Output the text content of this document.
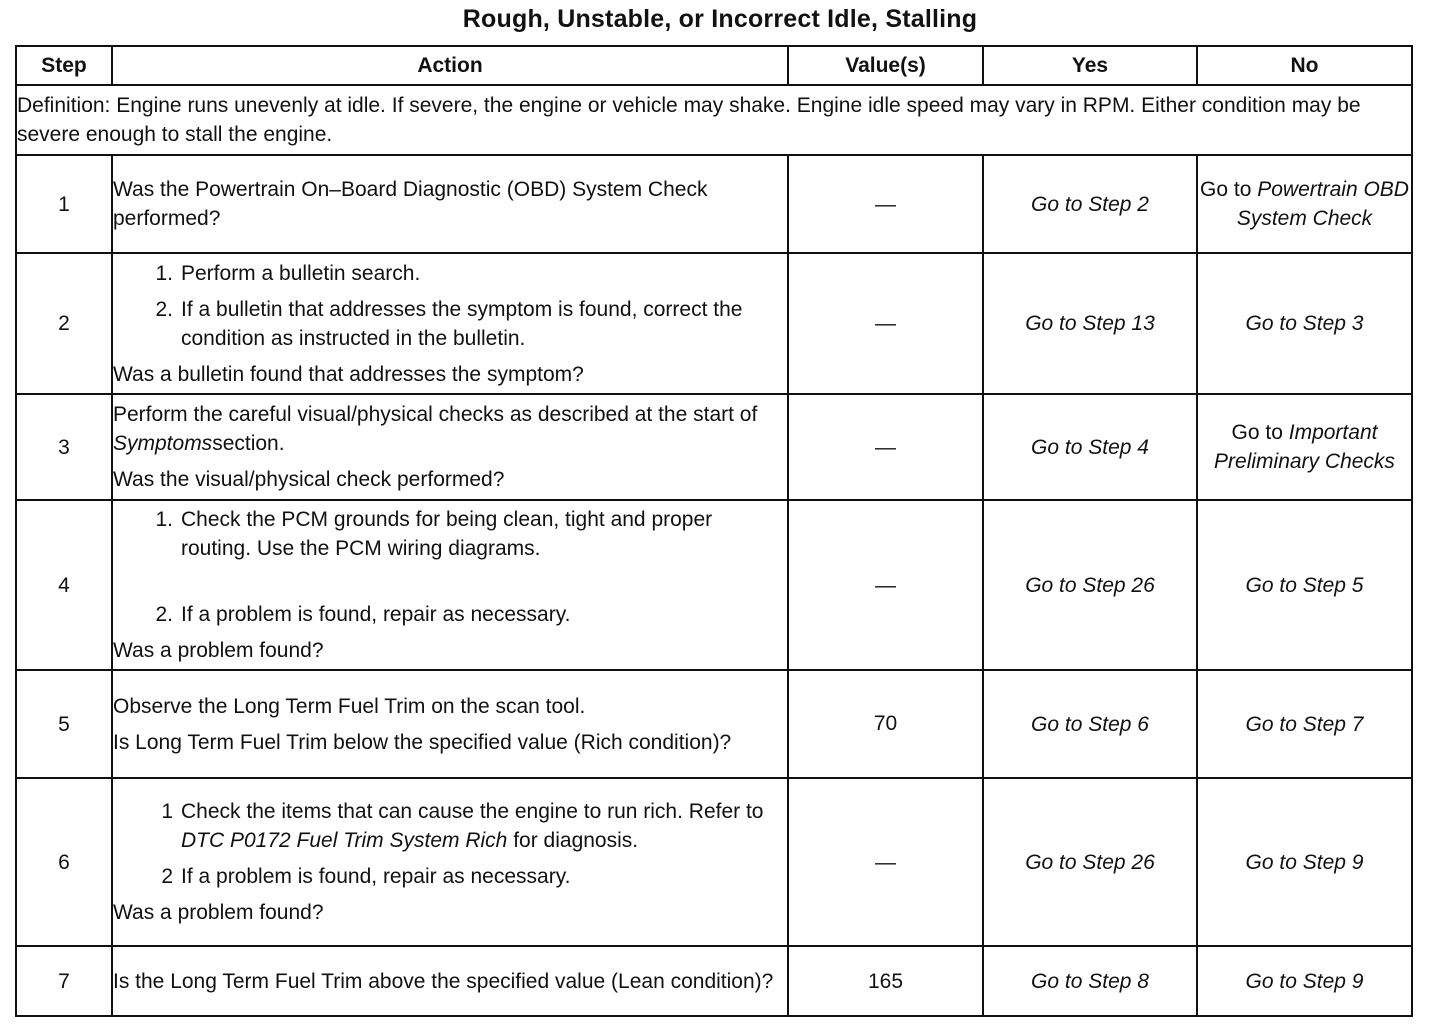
Rough, Unstable, or Incorrect Idle, Stalling
Step	Action	Value(s)	Yes	No
Definition: Engine runs unevenly at idle. If severe, the engine or vehicle may shake. Engine idle speed may vary in RPM. Either condition may be severe enough to stall the engine.				
1	Was the Powertrain On–Board Diagnostic (OBD) System Check performed?	—	Go to Step 2	Go to Powertrain OBD System Check
2	1. Perform a bulletin search.
2. If a bulletin that addresses the symptom is found, correct the condition as instructed in the bulletin.

Was a bulletin found that addresses the symptom?	—	Go to Step 13	Go to Step 3
3	Perform the careful visual/physical checks as described at the start of Symptomssection.

Was the visual/physical check performed?	—	Go to Step 4	Go to Important Preliminary Checks
4	1. Check the PCM grounds for being clean, tight and proper routing. Use the PCM wiring diagrams.
2. If a problem is found, repair as necessary.

Was a problem found?	—	Go to Step 26	Go to Step 5
5	Observe the Long Term Fuel Trim on the scan tool.

Is Long Term Fuel Trim below the specified value (Rich condition)?	70	Go to Step 6	Go to Step 7
6	1 Check the items that can cause the engine to run rich. Refer to DTC P0172 Fuel Trim System Rich for diagnosis.
2 If a problem is found, repair as necessary.

Was a problem found?	—	Go to Step 26	Go to Step 9
7	Is the Long Term Fuel Trim above the specified value (Lean condition)?	165	Go to Step 8	Go to Step 9
